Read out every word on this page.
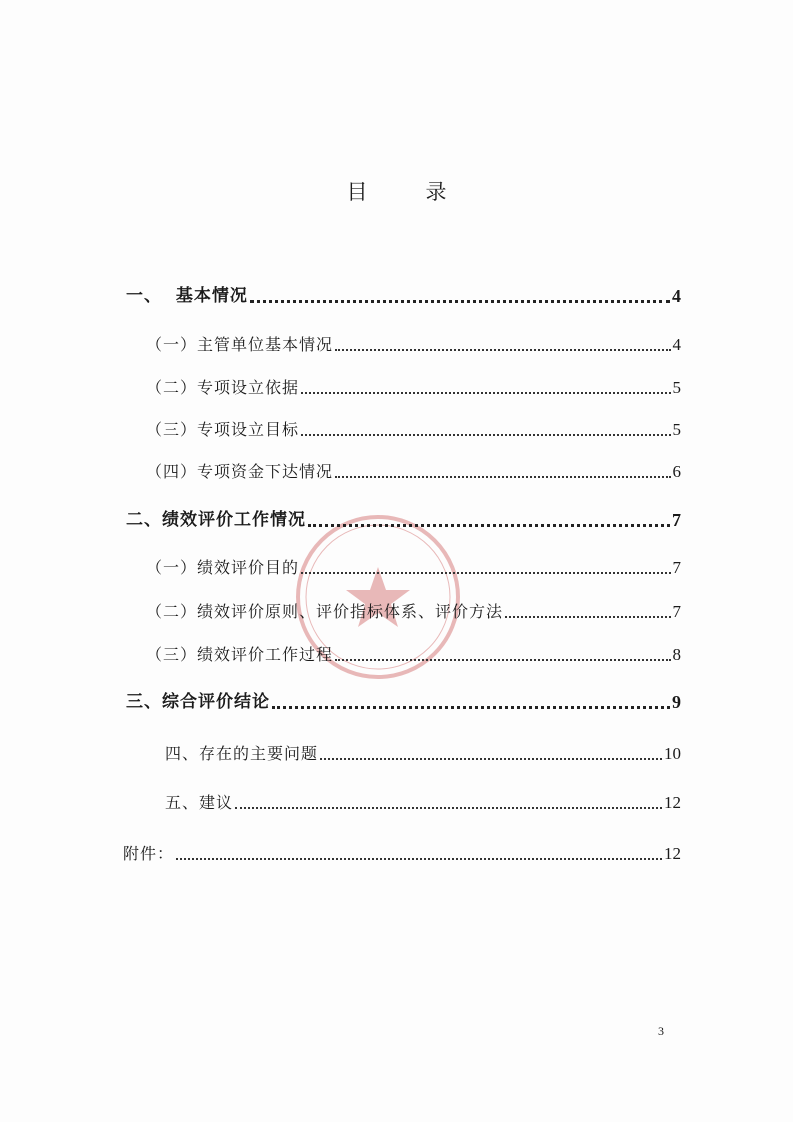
目	录
一、  基本情况	4
（一）主管单位基本情况	4
（二）专项设立依据	5
（三）专项设立目标	5
（四）专项资金下达情况	6
二、绩效评价工作情况	7
（一）绩效评价目的	7
（二）绩效评价原则、评价指标体系、评价方法	7
（三）绩效评价工作过程	8
三、综合评价结论	9
四、存在的主要问题	10
五、建议	12
附件：	12
3
